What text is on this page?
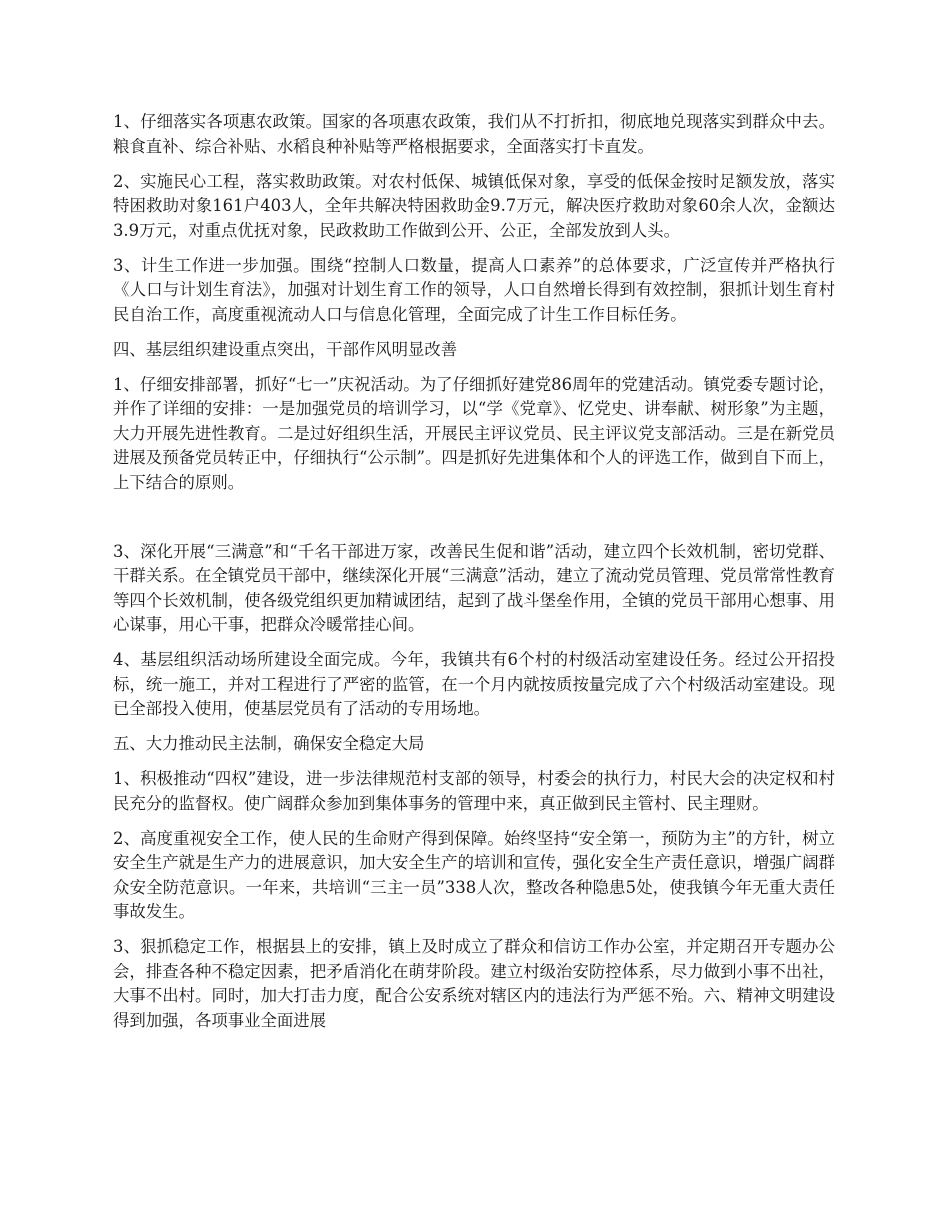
1、仔细落实各项惠农政策。国家的各项惠农政策，我们从不打折扣，彻底地兑现落实到群众中去。粮食直补、综合补贴、水稻良种补贴等严格根据要求，全面落实打卡直发。

2、实施民心工程，落实救助政策。对农村低保、城镇低保对象，享受的低保金按时足额发放，落实特困救助对象161户403人，全年共解决特困救助金9.7万元，解决医疗救助对象60余人次，金额达3.9万元，对重点优抚对象，民政救助工作做到公开、公正，全部发放到人头。

3、计生工作进一步加强。围绕“控制人口数量，提高人口素养”的总体要求，广泛宣传并严格执行《人口与计划生育法》，加强对计划生育工作的领导，人口自然增长得到有效控制，狠抓计划生育村民自治工作，高度重视流动人口与信息化管理，全面完成了计生工作目标任务。

四、基层组织建设重点突出，干部作风明显改善

1、仔细安排部署，抓好“七一”庆祝活动。为了仔细抓好建党86周年的党建活动。镇党委专题讨论，并作了详细的安排：一是加强党员的培训学习，以“学《党章》、忆党史、讲奉献、树形象”为主题，大力开展先进性教育。二是过好组织生活，开展民主评议党员、民主评议党支部活动。三是在新党员进展及预备党员转正中，仔细执行“公示制”。四是抓好先进集体和个人的评选工作，做到自下而上，上下结合的原则。

3、深化开展“三满意”和“千名干部进万家，改善民生促和谐”活动，建立四个长效机制，密切党群、干群关系。在全镇党员干部中，继续深化开展“三满意”活动，建立了流动党员管理、党员常常性教育等四个长效机制，使各级党组织更加精诚团结，起到了战斗堡垒作用，全镇的党员干部用心想事、用心谋事，用心干事，把群众冷暖常挂心间。

4、基层组织活动场所建设全面完成。今年，我镇共有6个村的村级活动室建设任务。经过公开招投标，统一施工，并对工程进行了严密的监管，在一个月内就按质按量完成了六个村级活动室建设。现已全部投入使用，使基层党员有了活动的专用场地。

五、大力推动民主法制，确保安全稳定大局

1、积极推动“四权”建设，进一步法律规范村支部的领导，村委会的执行力，村民大会的决定权和村民充分的监督权。使广阔群众参加到集体事务的管理中来，真正做到民主管村、民主理财。

2、高度重视安全工作，使人民的生命财产得到保障。始终坚持“安全第一，预防为主”的方针，树立安全生产就是生产力的进展意识，加大安全生产的培训和宣传，强化安全生产责任意识，增强广阔群众安全防范意识。一年来，共培训“三主一员”338人次，整改各种隐患5处，使我镇今年无重大责任事故发生。

3、狠抓稳定工作，根据县上的安排，镇上及时成立了群众和信访工作办公室，并定期召开专题办公会，排查各种不稳定因素，把矛盾消化在萌芽阶段。建立村级治安防控体系，尽力做到小事不出社，大事不出村。同时，加大打击力度，配合公安系统对辖区内的违法行为严惩不殆。六、精神文明建设得到加强，各项事业全面进展
